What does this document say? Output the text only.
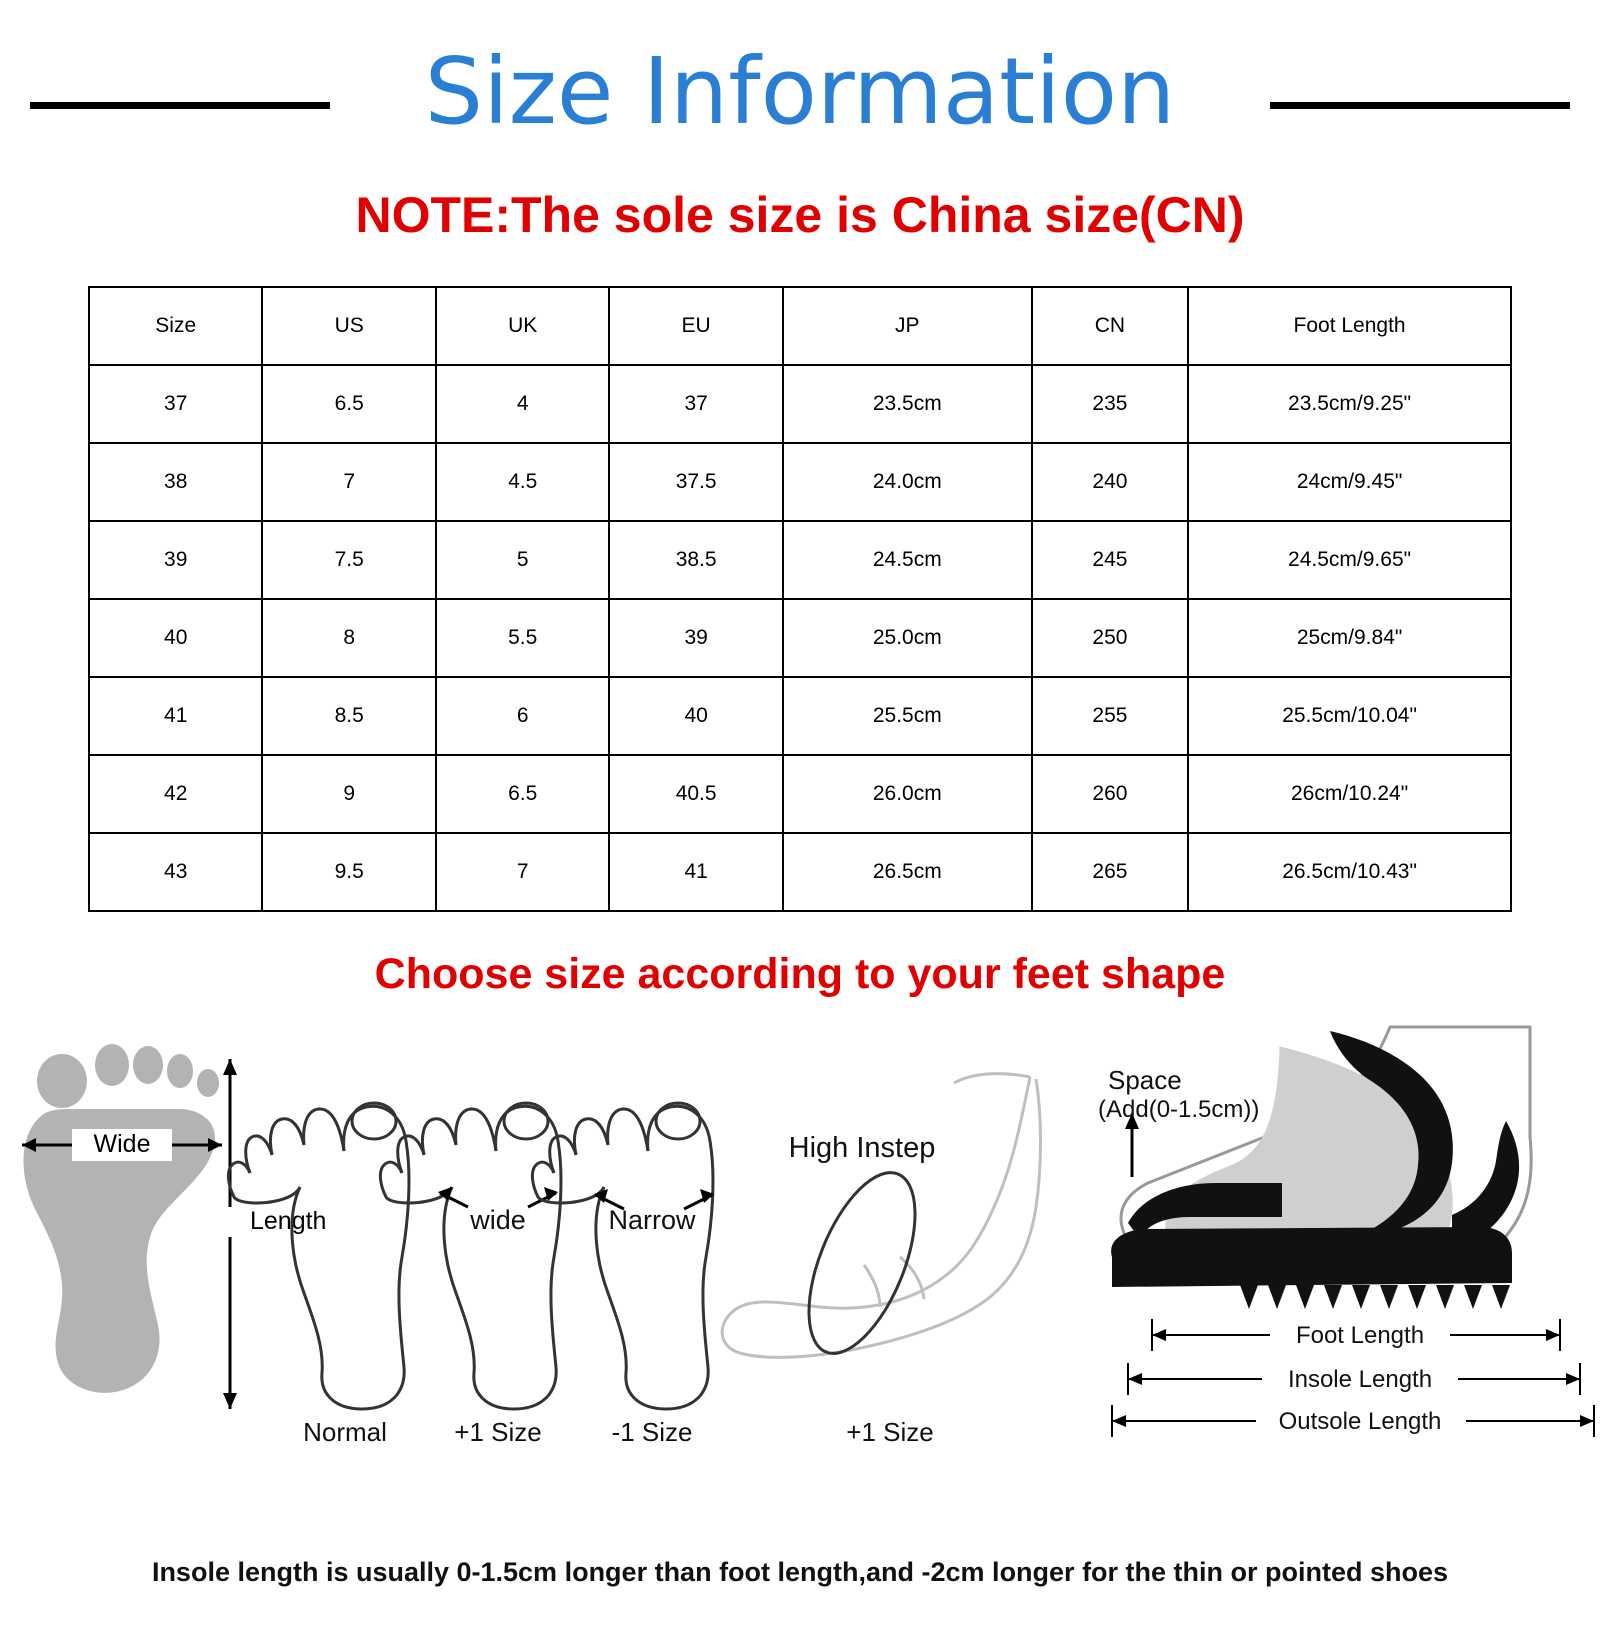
Size Information
NOTE:The sole size is China size(CN)
Size	US	UK	EU	JP	CN	Foot Length
37	6.5	4	37	23.5cm	235	23.5cm/9.25"
38	7	4.5	37.5	24.0cm	240	24cm/9.45"
39	7.5	5	38.5	24.5cm	245	24.5cm/9.65"
40	8	5.5	39	25.0cm	250	25cm/9.84"
41	8.5	6	40	25.5cm	255	25.5cm/10.04"
42	9	6.5	40.5	26.0cm	260	26cm/10.24"
43	9.5	7	41	26.5cm	265	26.5cm/10.43"
Choose size according to your feet shape
Wide
Length
Normal
wide
+1 Size
Narrow
-1 Size
High Instep
+1 Size
Space
(Add(0-1.5cm))
Foot Length
Insole Length
Outsole Length
Insole length is usually 0-1.5cm longer than foot length,and -2cm longer for the thin or pointed shoes
